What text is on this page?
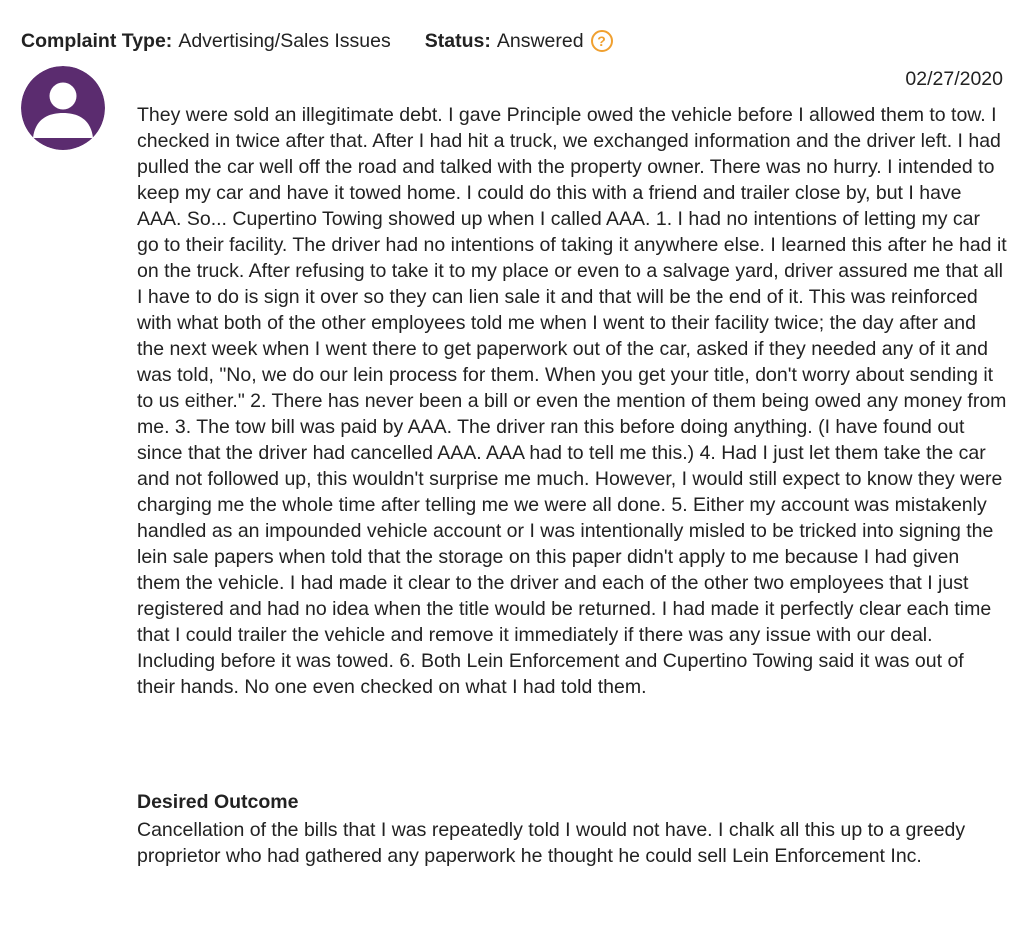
Complaint Type: Advertising/Sales Issues Status: Answered ?
02/27/2020

They were sold an illegitimate debt. I gave Principle owed the vehicle before I allowed them to tow. I checked in twice after that. After I had hit a truck, we exchanged information and the driver left. I had pulled the car well off the road and talked with the property owner. There was no hurry. I intended to keep my car and have it towed home. I could do this with a friend and trailer close by, but I have AAA. So... Cupertino Towing showed up when I called AAA. 1. I had no intentions of letting my car go to their facility. The driver had no intentions of taking it anywhere else. I learned this after he had it on the truck. After refusing to take it to my place or even to a salvage yard, driver assured me that all I have to do is sign it over so they can lien sale it and that will be the end of it. This was reinforced with what both of the other employees told me when I went to their facility twice; the day after and the next week when I went there to get paperwork out of the car, asked if they needed any of it and was told, "No, we do our lein process for them. When you get your title, don't worry about sending it to us either." 2. There has never been a bill or even the mention of them being owed any money from me. 3. The tow bill was paid by AAA. The driver ran this before doing anything. (I have found out since that the driver had cancelled AAA. AAA had to tell me this.) 4. Had I just let them take the car and not followed up, this wouldn't surprise me much. However, I would still expect to know they were charging me the whole time after telling me we were all done. 5. Either my account was mistakenly handled as an impounded vehicle account or I was intentionally misled to be tricked into signing the lein sale papers when told that the storage on this paper didn't apply to me because I had given them the vehicle. I had made it clear to the driver and each of the other two employees that I just registered and had no idea when the title would be returned. I had made it perfectly clear each time that I could trailer the vehicle and remove it immediately if there was any issue with our deal. Including before it was towed. 6. Both Lein Enforcement and Cupertino Towing said it was out of their hands. No one even checked on what I had told them.

Desired Outcome

Cancellation of the bills that I was repeatedly told I would not have. I chalk all this up to a greedy proprietor who had gathered any paperwork he thought he could sell Lein Enforcement Inc.
